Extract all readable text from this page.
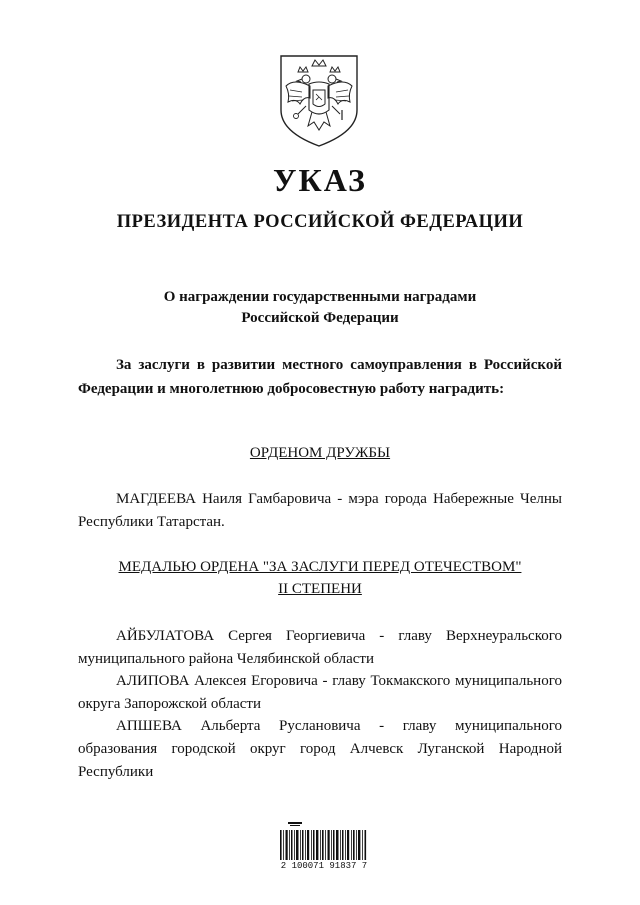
УКАЗ
ПРЕЗИДЕНТА РОССИЙСКОЙ ФЕДЕРАЦИИ
О награждении государственными наградами
Российской Федерации
За заслуги в развитии местного самоуправления в Российской Федерации и многолетнюю добросовестную работу наградить:
ОРДЕНОМ ДРУЖБЫ
МАГДЕЕВА Наиля Гамбаровича - мэра города Набережные Челны Республики Татарстан.
МЕДАЛЬЮ ОРДЕНА "ЗА ЗАСЛУГИ ПЕРЕД ОТЕЧЕСТВОМ"
II СТЕПЕНИ
АЙБУЛАТОВА Сергея Георгиевича - главу Верхнеуральского муниципального района Челябинской области
АЛИПОВА Алексея Егоровича - главу Токмакского муниципального округа Запорожской области
АПШЕВА Альберта Руслановича - главу муниципального образования городской округ город Алчевск Луганской Народной Республики
2 100071 91837 7
